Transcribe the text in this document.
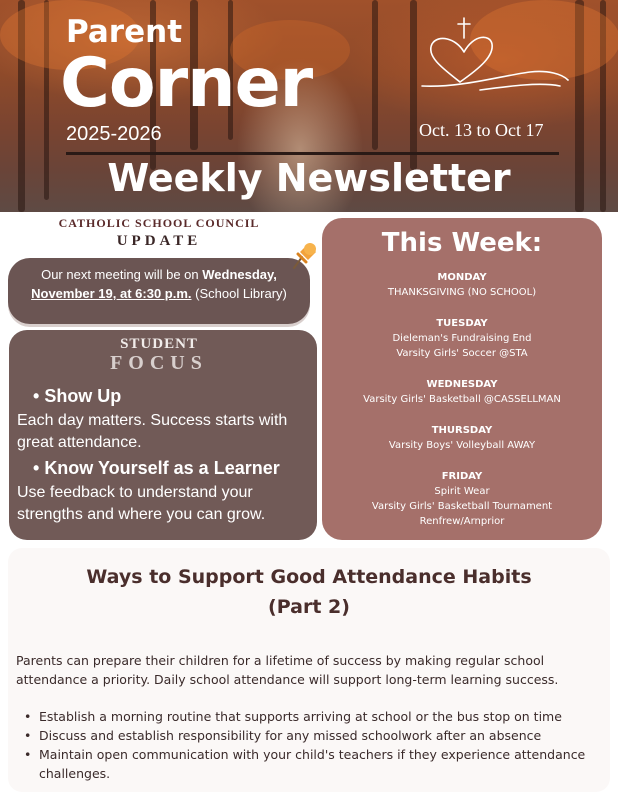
Parent
Corner
2025-2026	Oct. 13 to Oct 17
Weekly Newsletter
CATHOLIC SCHOOL COUNCIL
UPDATE
Our next meeting will be on Wednesday, November 19, at 6:30 p.m. (School Library)
STUDENT
FOCUS
• Show Up
Each day matters. Success starts with great attendance.
• Know Yourself as a Learner
Use feedback to understand your strengths and where you can grow.
This Week:
MONDAY
THANKSGIVING (NO SCHOOL)
TUESDAY
Dieleman's Fundraising End
Varsity Girls' Soccer @STA
WEDNESDAY
Varsity Girls' Basketball @CASSELLMAN
THURSDAY
Varsity Boys' Volleyball AWAY
FRIDAY
Spirit Wear
Varsity Girls' Basketball Tournament
Renfrew/Arnprior
Ways to Support Good Attendance Habits
(Part 2)
Parents can prepare their children for a lifetime of success by making regular school attendance a priority. Daily school attendance will support long-term learning success.
• Establish a morning routine that supports arriving at school or the bus stop on time
• Discuss and establish responsibility for any missed schoolwork after an absence
• Maintain open communication with your child's teachers if they experience attendance challenges.
